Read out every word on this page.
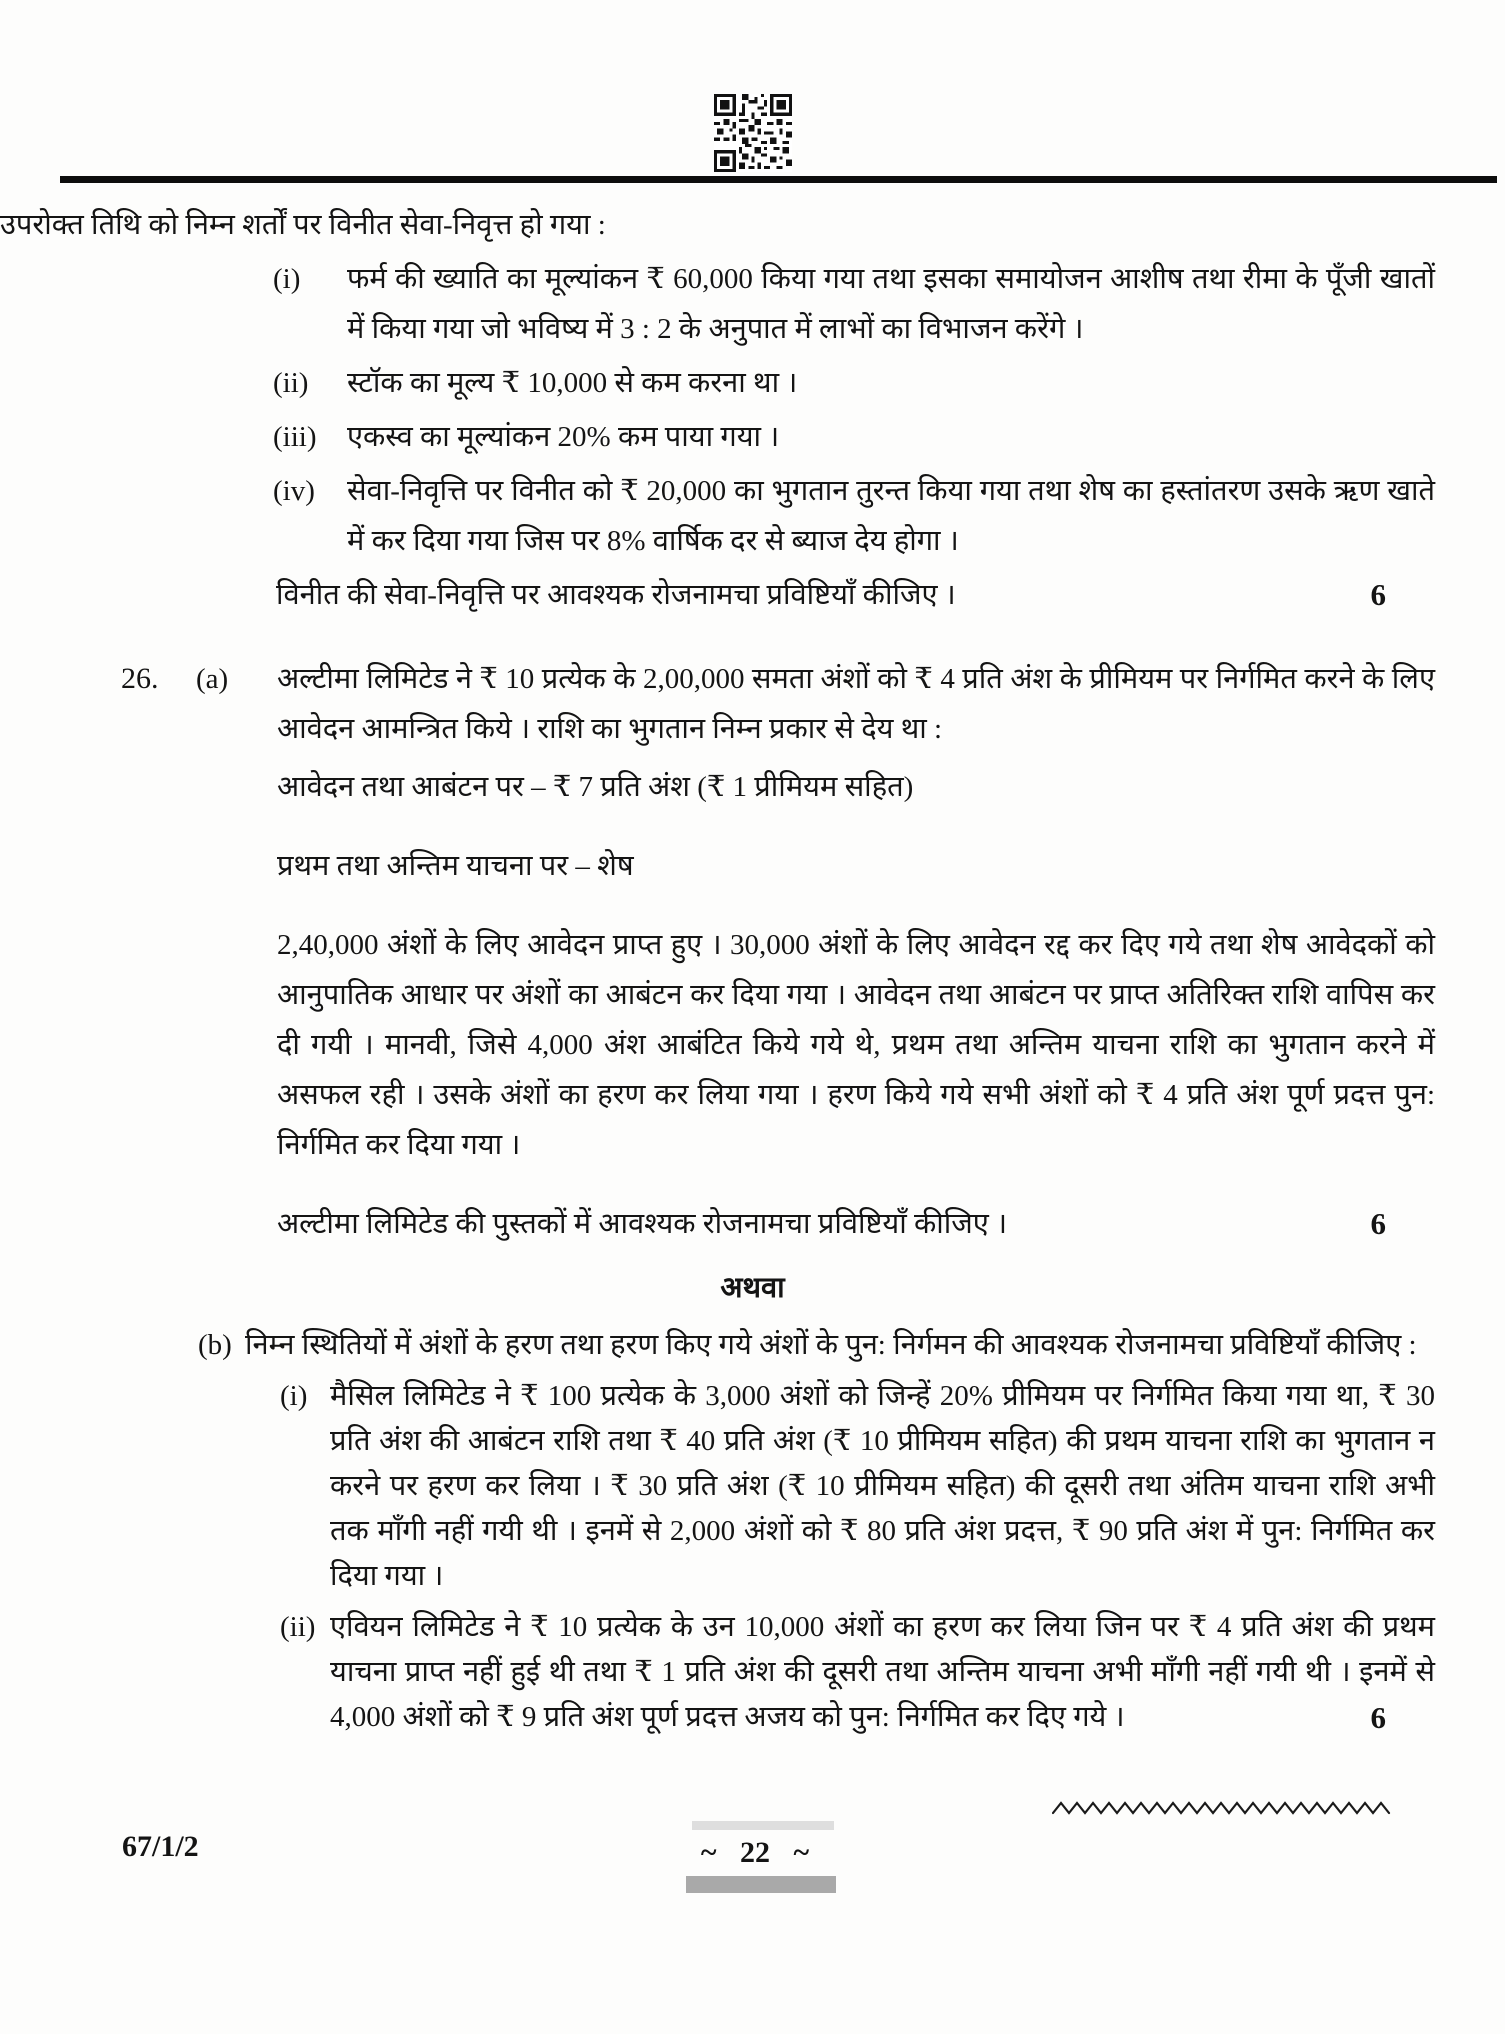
उपरोक्त तिथि को निम्न शर्तों पर विनीत सेवा-निवृत्त हो गया :

(i) फर्म की ख्याति का मूल्यांकन ₹ 60,000 किया गया तथा इसका समायोजन आशीष तथा रीमा के पूँजी खातों में किया गया जो भविष्य में 3 : 2 के अनुपात में लाभों का विभाजन करेंगे ।
(ii) स्टॉक का मूल्य ₹ 10,000 से कम करना था ।
(iii) एकस्व का मूल्यांकन 20% कम पाया गया ।
(iv) सेवा-निवृत्ति पर विनीत को ₹ 20,000 का भुगतान तुरन्त किया गया तथा शेष का हस्तांतरण उसके ऋण खाते में कर दिया गया जिस पर 8% वार्षिक दर से ब्याज देय होगा ।
विनीत की सेवा-निवृत्ति पर आवश्यक रोजनामचा प्रविष्टियाँ कीजिए ।	6
26. (a) अल्टीमा लिमिटेड ने ₹ 10 प्रत्येक के 2,00,000 समता अंशों को ₹ 4 प्रति अंश के प्रीमियम पर निर्गमित करने के लिए आवेदन आमन्त्रित किये । राशि का भुगतान निम्न प्रकार से देय था :

आवेदन तथा आबंटन पर – ₹ 7 प्रति अंश (₹ 1 प्रीमियम सहित)

प्रथम तथा अन्तिम याचना पर – शेष

2,40,000 अंशों के लिए आवेदन प्राप्त हुए । 30,000 अंशों के लिए आवेदन रद्द कर दिए गये तथा शेष आवेदकों को आनुपातिक आधार पर अंशों का आबंटन कर दिया गया । आवेदन तथा आबंटन पर प्राप्त अतिरिक्त राशि वापिस कर दी गयी । मानवी, जिसे 4,000 अंश आबंटित किये गये थे, प्रथम तथा अन्तिम याचना राशि का भुगतान करने में असफल रही । उसके अंशों का हरण कर लिया गया । हरण किये गये सभी अंशों को ₹ 4 प्रति अंश पूर्ण प्रदत्त पुन: निर्गमित कर दिया गया ।

अल्टीमा लिमिटेड की पुस्तकों में आवश्यक रोजनामचा प्रविष्टियाँ कीजिए ।	6

अथवा

(b) निम्न स्थितियों में अंशों के हरण तथा हरण किए गये अंशों के पुन: निर्गमन की आवश्यक रोजनामचा प्रविष्टियाँ कीजिए :
(i) मैसिल लिमिटेड ने ₹ 100 प्रत्येक के 3,000 अंशों को जिन्हें 20% प्रीमियम पर निर्गमित किया गया था, ₹ 30 प्रति अंश की आबंटन राशि तथा ₹ 40 प्रति अंश (₹ 10 प्रीमियम सहित) की प्रथम याचना राशि का भुगतान न करने पर हरण कर लिया । ₹ 30 प्रति अंश (₹ 10 प्रीमियम सहित) की दूसरी तथा अंतिम याचना राशि अभी तक माँगी नहीं गयी थी । इनमें से 2,000 अंशों को ₹ 80 प्रति अंश प्रदत्त, ₹ 90 प्रति अंश में पुन: निर्गमित कर दिया गया ।
(ii) एवियन लिमिटेड ने ₹ 10 प्रत्येक के उन 10,000 अंशों का हरण कर लिया जिन पर ₹ 4 प्रति अंश की प्रथम याचना प्राप्त नहीं हुई थी तथा ₹ 1 प्रति अंश की दूसरी तथा अन्तिम याचना अभी माँगी नहीं गयी थी । इनमें से 4,000 अंशों को ₹ 9 प्रति अंश पूर्ण प्रदत्त अजय को पुन: निर्गमित कर दिए गये ।	6
67/1/2	~ 22 ~
